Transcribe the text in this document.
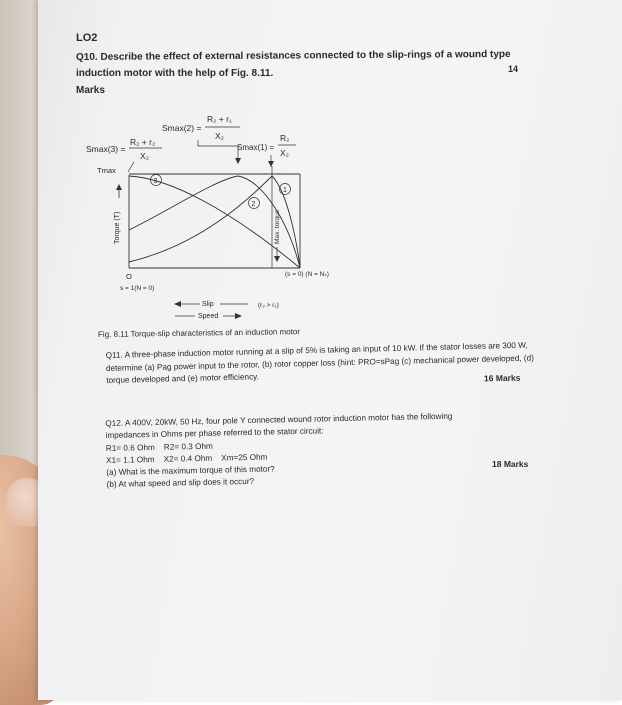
LO2
Q10. Describe the effect of external resistances connected to the slip-rings of a wound type
induction motor with the help of Fig. 8.11.
Marks
14
Smax(3) =
R₂ + r₂
X₂
Smax(2) =
R₂ + r₁
X₂
Smax(1) =
R₂
X₂
3
2
1
Tmax
Torque (T)	Max. torque
O
s = 1(N = 0)
(s = 0) (N = Nₛ)
Slip
Speed
(r₂ > r₁)
Fig. 8.11 Torque-slip characteristics of an induction motor
Q11. A three-phase induction motor running at a slip of 5% is taking an input of 10 kW. If the stator losses are 300 W, determine (a) Pag power input to the rotor, (b) rotor copper loss (hint: PRO=sPag (c) mechanical power developed, (d) torque developed and (e) motor efficiency.	16 Marks
Q12. A 400V, 20kW, 50 Hz, four pole Y connected wound rotor induction motor has the following
impedances in Ohms per phase referred to the stator circuit:
R1= 0.6 Ohm    R2= 0.3 Ohm
X1= 1.1 Ohm    X2= 0.4 Ohm    Xm=25 Ohm
(a) What is the maximum torque of this motor?
(b) At what speed and slip does it occur?
18 Marks
